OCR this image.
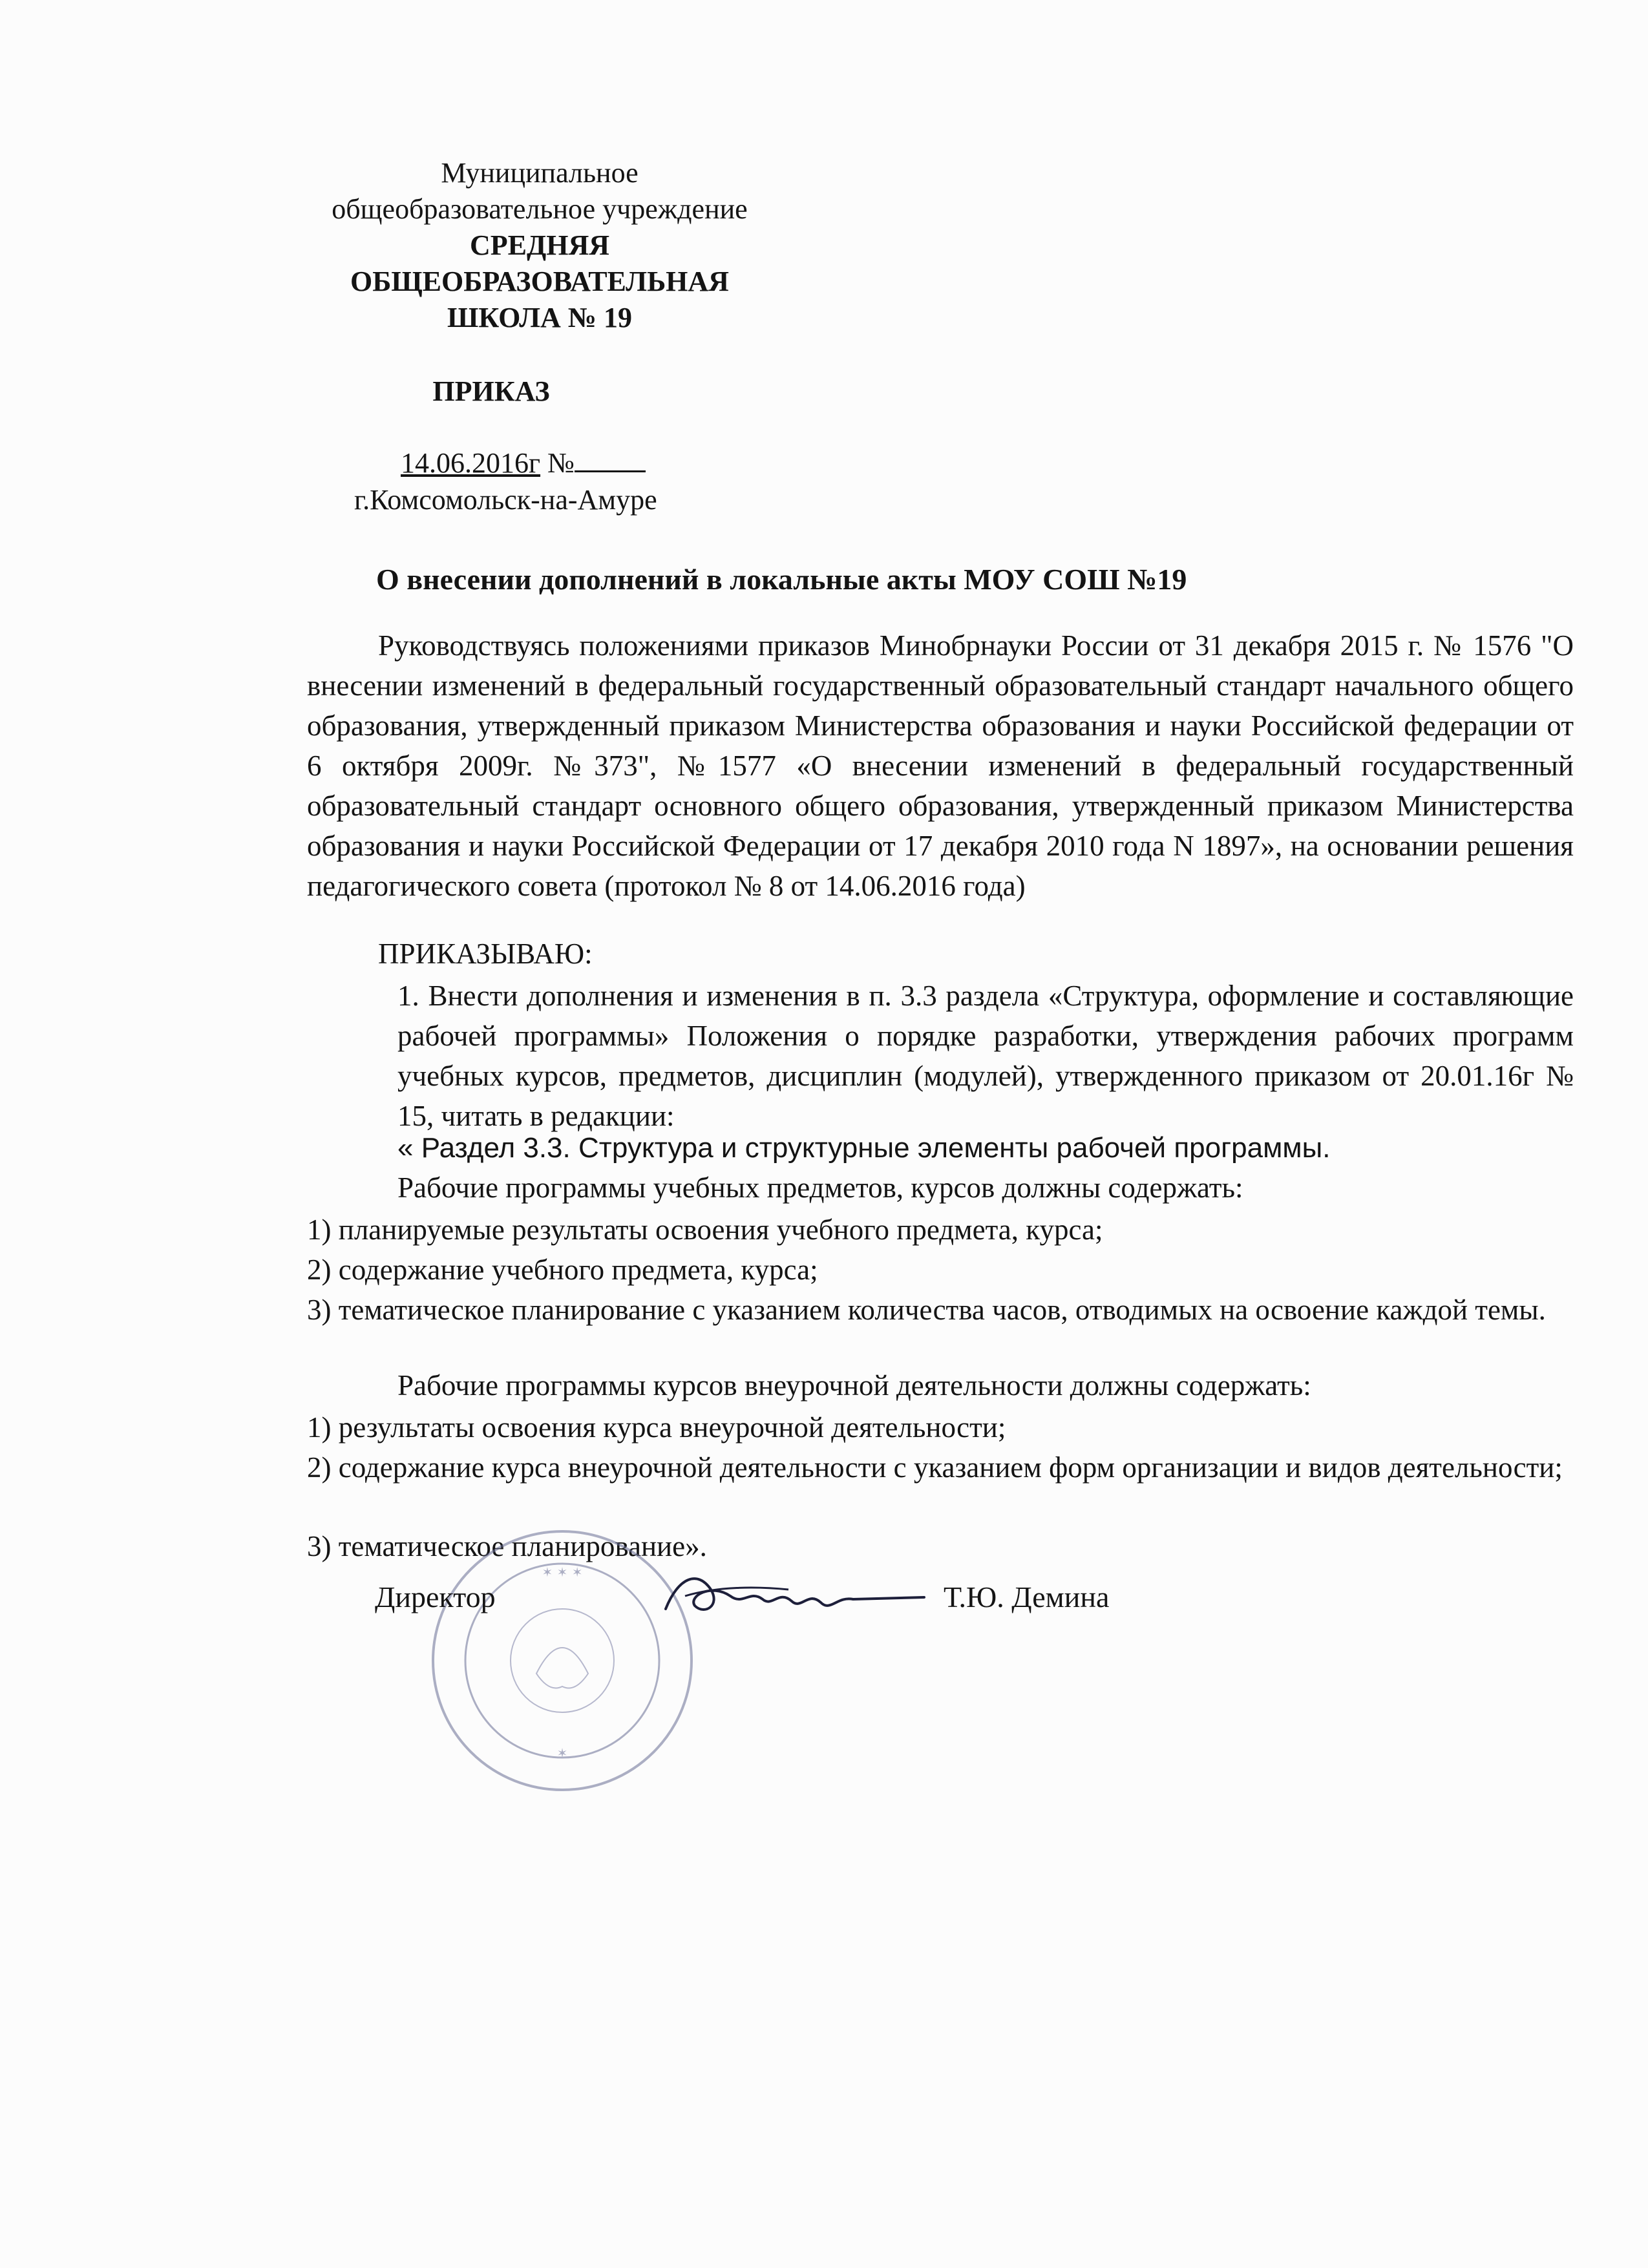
Муниципальное
общеобразовательное учреждение
СРЕДНЯЯ
ОБЩЕОБРАЗОВАТЕЛЬНАЯ
ШКОЛА № 19
ПРИКАЗ
14.06.2016г №
г.Комсомольск-на-Амуре
О внесении дополнений в локальные акты МОУ СОШ №19
Руководствуясь положениями приказов Минобрнауки России от 31 декабря 2015 г. № 1576 "О внесении изменений в федеральный государственный образовательный стандарт начального общего образования, утвержденный приказом Министерства образования и науки Российской федерации от 6 октября 2009г. №373", №1577 «О внесении изменений в федеральный государственный образовательный стандарт основного общего образования, утвержденный приказом Министерства образования и науки Российской Федерации от 17 декабря 2010 года N 1897», на основании решения педагогического совета (протокол № 8 от 14.06.2016 года)
ПРИКАЗЫВАЮ:
1. Внести дополнения и изменения в п. 3.3 раздела «Структура, оформление и составляющие рабочей программы» Положения о порядке разработки, утверждения рабочих программ учебных курсов, предметов, дисциплин (модулей), утвержденного приказом от 20.01.16г № 15, читать в редакции:
« Раздел 3.3. Структура и структурные элементы рабочей программы.
Рабочие программы учебных предметов, курсов должны содержать:
1) планируемые результаты освоения учебного предмета, курса;
2) содержание учебного предмета, курса;
3) тематическое планирование с указанием количества часов, отводимых на освоение каждой темы.
Рабочие программы курсов внеурочной деятельности должны содержать:
1) результаты освоения курса внеурочной деятельности;
2) содержание курса внеурочной деятельности с указанием форм организации и видов деятельности;
3) тематическое планирование».
✶ ✶ ✶
✶
Директор	Т.Ю. Демина
